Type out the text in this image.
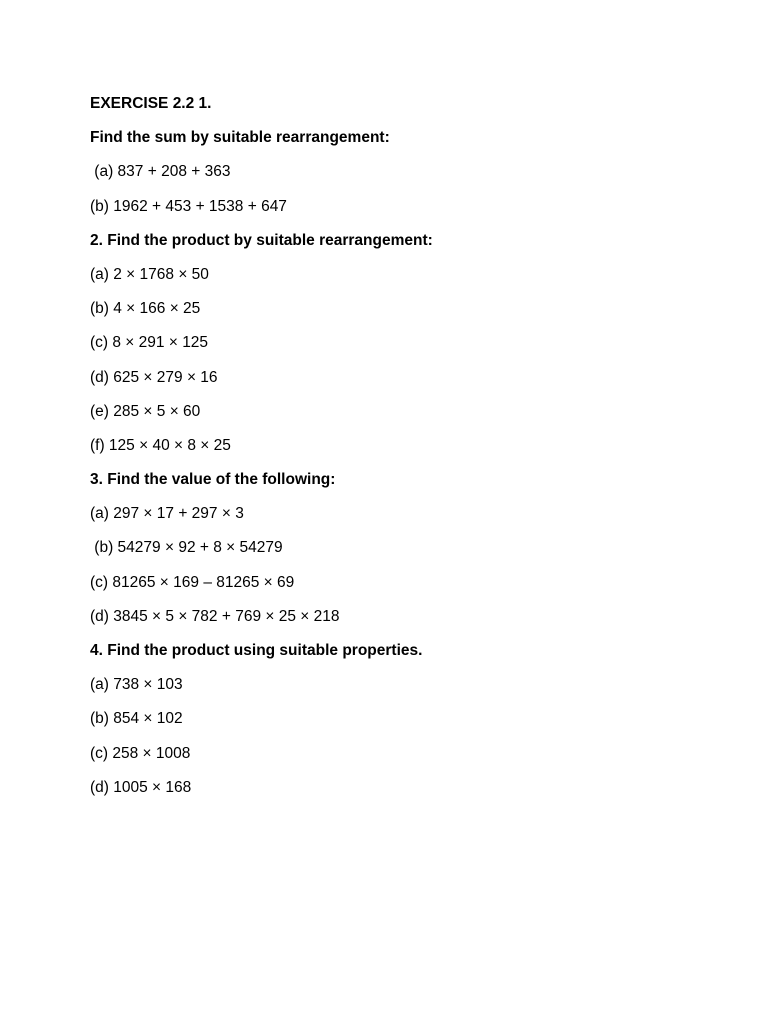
EXERCISE 2.2 1.
Find the sum by suitable rearrangement:
(a) 837 + 208 + 363
(b) 1962 + 453 + 1538 + 647
2. Find the product by suitable rearrangement:
(a) 2 × 1768 × 50
(b) 4 × 166 × 25
(c) 8 × 291 × 125
(d) 625 × 279 × 16
(e) 285 × 5 × 60
(f) 125 × 40 × 8 × 25
3. Find the value of the following:
(a) 297 × 17 + 297 × 3
(b) 54279 × 92 + 8 × 54279
(c) 81265 × 169 – 81265 × 69
(d) 3845 × 5 × 782 + 769 × 25 × 218
4. Find the product using suitable properties.
(a) 738 × 103
(b) 854 × 102
(c) 258 × 1008
(d) 1005 × 168
